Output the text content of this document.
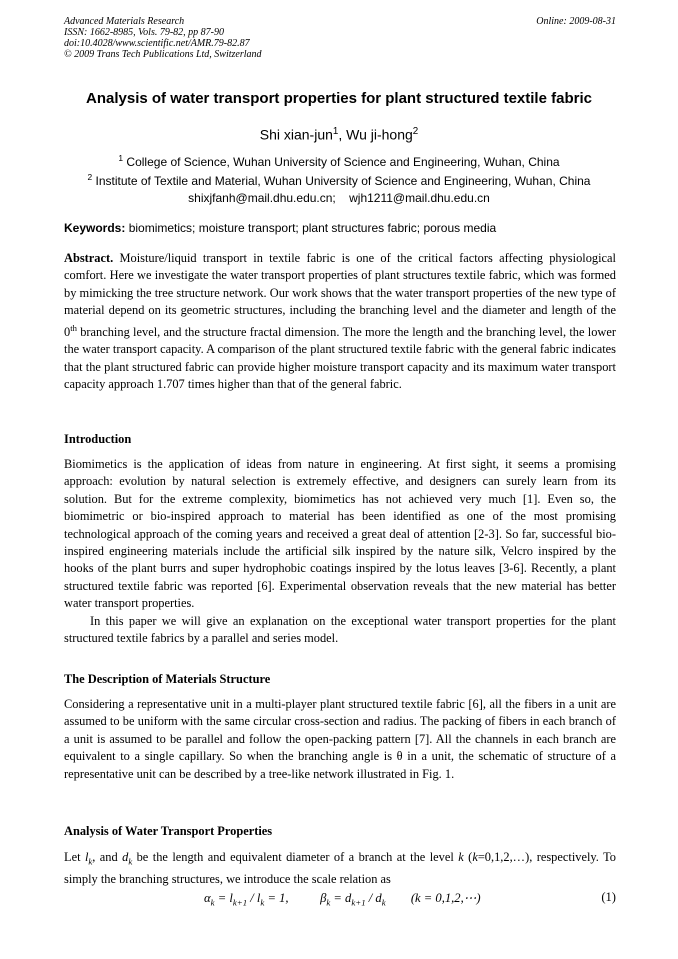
Advanced Materials Research
ISSN: 1662-8985, Vols. 79-82, pp 87-90
doi:10.4028/www.scientific.net/AMR.79-82.87
© 2009 Trans Tech Publications Ltd, Switzerland
Online: 2009-08-31
Analysis of water transport properties for plant structured textile fabric
Shi xian-jun$^1$, Wu ji-hong$^2$
$^1$ College of Science, Wuhan University of Science and Engineering, Wuhan, China
$^2$ Institute of Textile and Material, Wuhan University of Science and Engineering, Wuhan, China
shixjfanh@mail.dhu.edu.cn; wjh1211@mail.dhu.edu.cn
Keywords: biomimetics; moisture transport; plant structures fabric; porous media
Abstract. Moisture/liquid transport in textile fabric is one of the critical factors affecting physiological comfort. Here we investigate the water transport properties of plant structures textile fabric, which was formed by mimicking the tree structure network. Our work shows that the water transport properties of the new type of material depend on its geometric structures, including the branching level and the diameter and length of the 0th branching level, and the structure fractal dimension. The more the length and the branching level, the lower the water transport capacity. A comparison of the plant structured textile fabric with the general fabric indicates that the plant structured fabric can provide higher moisture transport capacity and its maximum water transport capacity approach 1.707 times higher than that of the general fabric.
Introduction
Biomimetics is the application of ideas from nature in engineering. At first sight, it seems a promising approach: evolution by natural selection is extremely effective, and designers can surely learn from its solution. But for the extreme complexity, biomimetics has not achieved very much [1]. Even so, the biomimetric or bio-inspired approach to material has been identified as one of the most promising technological approach of the coming years and received a great deal of attention [2-3]. So far, successful bio-inspired engineering materials include the artificial silk inspired by the nature silk, Velcro inspired by the hooks of the plant burrs and super hydrophobic coatings inspired by the lotus leaves [3-6]. Recently, a plant structured textile fabric was reported [6]. Experimental observation reveals that the new material has better water transport properties.
In this paper we will give an explanation on the exceptional water transport properties for the plant structured textile fabrics by a parallel and series model.
The Description of Materials Structure
Considering a representative unit in a multi-player plant structured textile fabric [6], all the fibers in a unit are assumed to be uniform with the same circular cross-section and radius. The packing of fibers in each branch of a unit is assumed to be parallel and follow the open-packing pattern [7]. All the channels in each branch are equivalent to a single capillary. So when the branching angle is θ in a unit, the schematic of structure of a representative unit can be described by a tree-like network illustrated in Fig. 1.
Analysis of Water Transport Properties
Let $l_k$, and $d_k$ be the length and equivalent diameter of a branch at the level k (k=0,1,2,…), respectively. To simply the branching structures, we introduce the scale relation as
$\alpha_k = l_{k+1} / l_k = 1$, $\beta_k = d_{k+1} / d_k$ (k = 0,1,2,⋯)	(1)
